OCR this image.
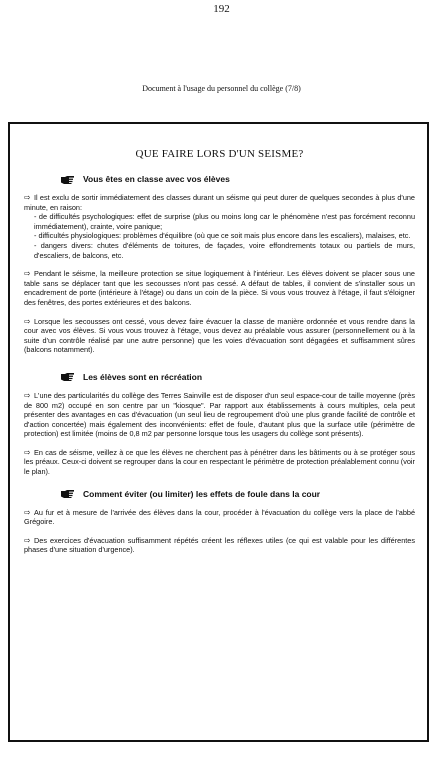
192
Document à l'usage du personnel du collège (7/8)
QUE FAIRE LORS D'UN SEISME?
Vous êtes en classe avec vos élèves
⇨ Il est exclu de sortir immédiatement des classes durant un séisme qui peut durer de quelques secondes à plus d'une minute, en raison:
- de difficultés psychologiques: effet de surprise (plus ou moins long car le phénomène n'est pas forcément reconnu immédiatement), crainte, voire panique;
- difficultés physiologiques: problèmes d'équilibre (où que ce soit mais plus encore dans les escaliers), malaises, etc.
- dangers divers: chutes d'éléments de toitures, de façades, voire effondrements totaux ou partiels de murs, d'escaliers, de balcons, etc.
⇨ Pendant le séisme, la meilleure protection se situe logiquement à l'intérieur. Les élèves doivent se placer sous une table sans se déplacer tant que les secousses n'ont pas cessé. A défaut de tables, il convient de s'installer sous un encadrement de porte (intérieure à l'étage) ou dans un coin de la pièce. Si vous vous trouvez à l'étage, il faut s'éloigner des fenêtres, des portes extérieures et des balcons.
⇨ Lorsque les secousses ont cessé, vous devez faire évacuer la classe de manière ordonnée et vous rendre dans la cour avec vos élèves. Si vous vous trouvez à l'étage, vous devez au préalable vous assurer (personnellement ou à la suite d'un contrôle réalisé par une autre personne) que les voies d'évacuation sont dégagées et suffisamment sûres (balcons notamment).
Les élèves sont en récréation
⇨ L'une des particularités du collège des Terres Sainville est de disposer d'un seul espace-cour de taille moyenne (près de 800 m2) occupé en son centre par un "kiosque". Par rapport aux établissements à cours multiples, cela peut présenter des avantages en cas d'évacuation (un seul lieu de regroupement d'où une plus grande facilité de contrôle et d'action concertée) mais également des inconvénients: effet de foule, d'autant plus que la surface utile (périmètre de protection) est limitée (moins de 0,8 m2 par personne lorsque tous les usagers du collège sont présents).
⇨ En cas de séisme, veillez à ce que les élèves ne cherchent pas à pénétrer dans les bâtiments ou à se protéger sous les préaux. Ceux-ci doivent se regrouper dans la cour en respectant le périmètre de protection préalablement connu (voir le plan).
Comment éviter (ou limiter) les effets de foule dans la cour
⇨ Au fur et à mesure de l'arrivée des élèves dans la cour, procéder à l'évacuation du collège vers la place de l'abbé Grégoire.
⇨ Des exercices d'évacuation suffisamment répétés créent les réflexes utiles (ce qui est valable pour les différentes phases d'une situation d'urgence).
